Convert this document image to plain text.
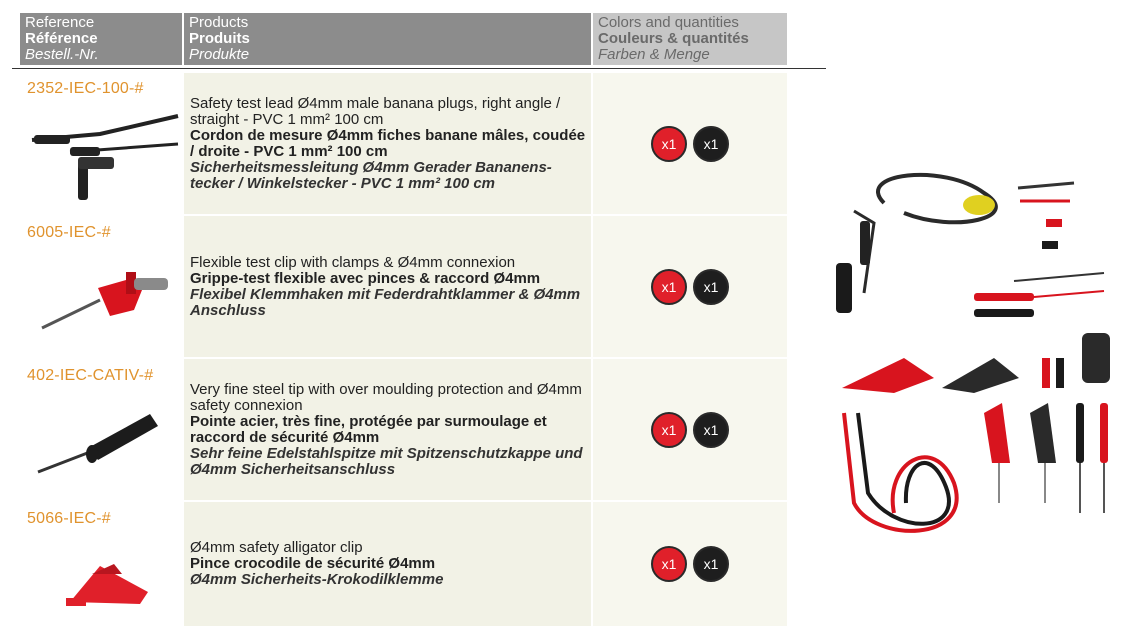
Reference
Référence
Bestell.-Nr.
Products
Produits
Produkte
Colors and quantities
Couleurs & quantités
Farben & Menge
2352-IEC-100-#
Safety test lead Ø4mm male banana plugs, right angle / straight - PVC 1 mm² 100 cm
Cordon de mesure Ø4mm fiches banane mâles, coudée / droite - PVC 1 mm² 100 cm
Sicherheitsmessleitung Ø4mm Gerader Bananens-tecker / Winkelstecker - PVC 1 mm² 100 cm
x1	x1
6005-IEC-#
Flexible test clip with clamps & Ø4mm connexion
Grippe-test flexible avec pinces & raccord Ø4mm
Flexibel Klemmhaken mit Federdrahtklammer & Ø4mm Anschluss
x1	x1
402-IEC-CATIV-#
Very fine steel tip with over moulding protection and Ø4mm safety connexion
Pointe acier, très fine, protégée par surmoulage et raccord de sécurité Ø4mm
Sehr feine Edelstahlspitze mit Spitzenschutzkappe und Ø4mm Sicherheitsanschluss
x1	x1
5066-IEC-#
Ø4mm safety alligator clip
Pince crocodile de sécurité Ø4mm
Ø4mm Sicherheits-Krokodilklemme
x1	x1
